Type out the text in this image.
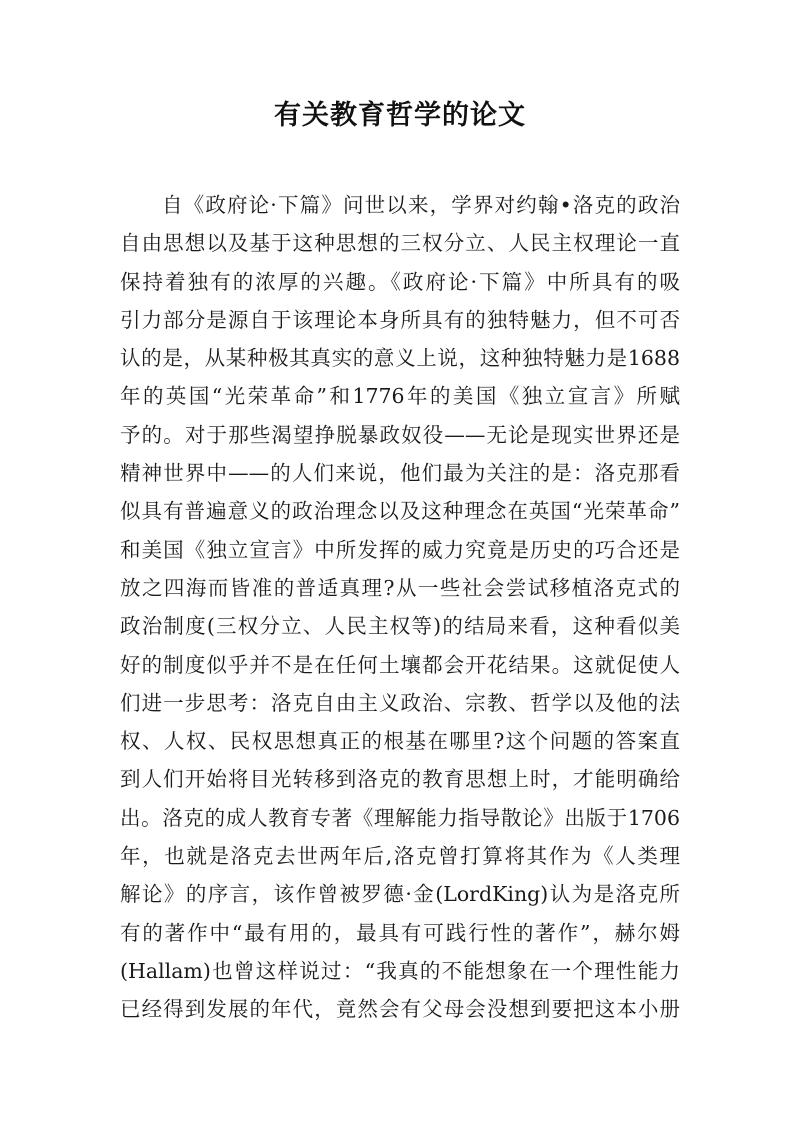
有关教育哲学的论文
自《政府论·下篇》问世以来，学界对约翰•洛克的政治
自由思想以及基于这种思想的三权分立、人民主权理论一直
保持着独有的浓厚的兴趣。《政府论·下篇》中所具有的吸
引力部分是源自于该理论本身所具有的独特魅力，但不可否
认的是，从某种极其真实的意义上说，这种独特魅力是1688
年的英国“光荣革命”和1776年的美国《独立宣言》所赋
予的。对于那些渴望挣脱暴政奴役——无论是现实世界还是
精神世界中——的人们来说，他们最为关注的是：洛克那看
似具有普遍意义的政治理念以及这种理念在英国“光荣革命”
和美国《独立宣言》中所发挥的威力究竟是历史的巧合还是
放之四海而皆准的普适真理?从一些社会尝试移植洛克式的
政治制度(三权分立、人民主权等)的结局来看，这种看似美
好的制度似乎并不是在任何土壤都会开花结果。这就促使人
们进一步思考：洛克自由主义政治、宗教、哲学以及他的法
权、人权、民权思想真正的根基在哪里?这个问题的答案直
到人们开始将目光转移到洛克的教育思想上时，才能明确给
出。洛克的成人教育专著《理解能力指导散论》出版于1706
年，也就是洛克去世两年后,洛克曾打算将其作为《人类理
解论》的序言，该作曾被罗德·金(LordKing)认为是洛克所
有的著作中“最有用的，最具有可践行性的著作”，赫尔姆
(Hallam)也曾这样说过：“我真的不能想象在一个理性能力
已经得到发展的年代，竟然会有父母会没想到要把这本小册
